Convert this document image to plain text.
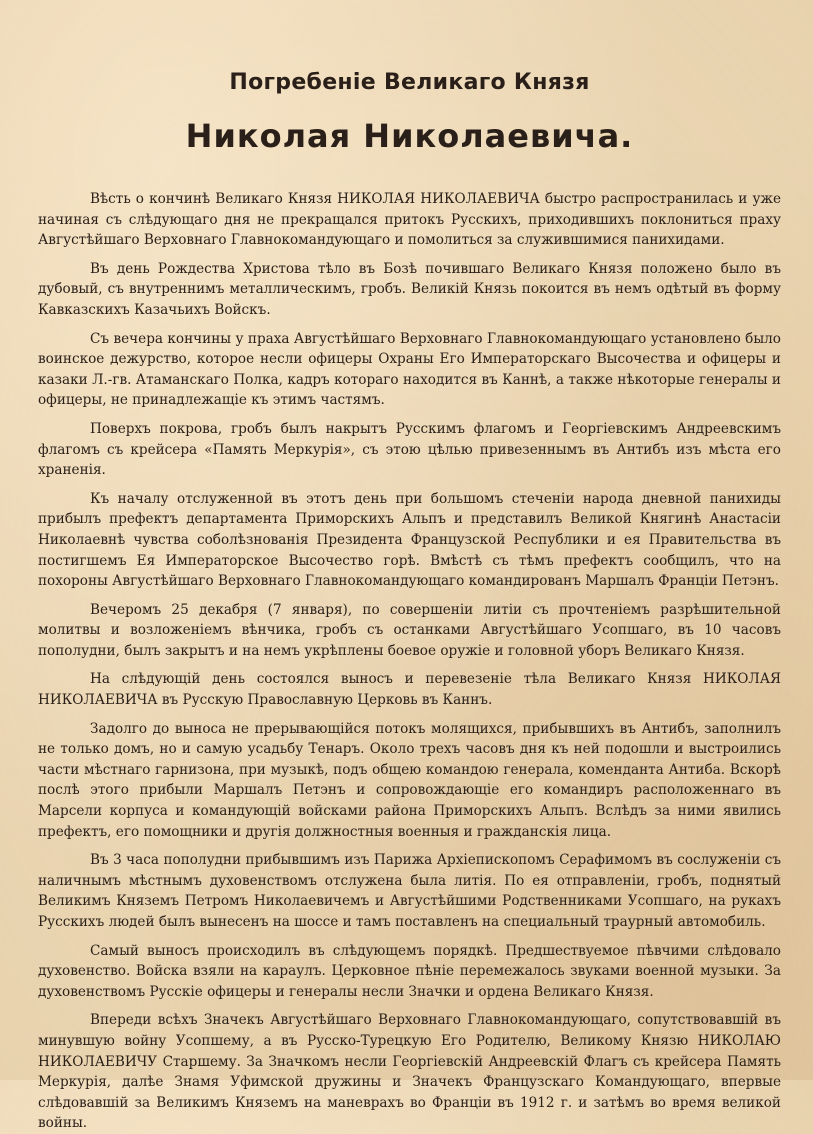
Погребенiе Великаго Князя
Николая Николаевича.

Вѣсть о кончинѣ Великаго Князя НИКОЛАЯ НИКОЛАЕВИЧА быстро распространилась и уже начиная съ слѣдующаго дня не прекращался притокъ Русскихъ, приходившихъ поклониться праху Августѣйшаго Верховнаго Главнокомандующаго и помолиться за служившимися панихидами.

Въ день Рождества Христова тѣло въ Бозѣ почившаго Великаго Князя положено было въ дубовый, съ внутреннимъ металлическимъ, гробъ. Великiй Князь покоится въ немъ одѣтый въ форму Кавказскихъ Казачьихъ Войскъ.

Съ вечера кончины у праха Августѣйшаго Верховнаго Главнокомандующаго установлено было воинское дежурство, которое несли офицеры Охраны Его Императорскаго Высочества и офицеры и казаки Л.-гв. Атаманскаго Полка, кадръ котораго находится въ Каннѣ, а также нѣкоторые генералы и офицеры, не принадлежащiе къ этимъ частямъ.

Поверхъ покрова, гробъ былъ накрытъ Русскимъ флагомъ и Георгiевскимъ Андреевскимъ флагомъ съ крейсера «Память Меркурiя», съ этою цѣлью привезеннымъ въ Антибъ изъ мѣста его храненiя.

Къ началу отслуженной въ этотъ день при большомъ стеченiи народа дневной панихиды прибылъ префектъ департамента Приморскихъ Альпъ и представилъ Великой Княгинѣ Анастасiи Николаевнѣ чувства соболѣзнованiя Президента Французской Республики и ея Правительства въ постигшемъ Ея Императорское Высочество горѣ. Вмѣстѣ съ тѣмъ префектъ сообщилъ, что на похороны Августѣйшаго Верховнаго Главнокомандующаго командированъ Маршалъ Францiи Петэнъ.

Вечеромъ 25 декабря (7 января), по совершенiи литiи съ прочтенiемъ разрѣшительной молитвы и возложенiемъ вѣнчика, гробъ съ останками Августѣйшаго Усопшаго, въ 10 часовъ пополудни, былъ закрытъ и на немъ укрѣплены боевое оружiе и головной уборъ Великаго Князя.

На слѣдующiй день состоялся выносъ и перевезенiе тѣла Великаго Князя НИКОЛАЯ НИКОЛАЕВИЧА въ Русскую Православную Церковь въ Каннъ.

Задолго до выноса не прерывающiйся потокъ молящихся, прибывшихъ въ Антибъ, заполнилъ не только домъ, но и самую усадьбу Тенаръ. Около трехъ часовъ дня къ ней подошли и выстроились части мѣстнаго гарнизона, при музыкѣ, подъ общею командою генерала, коменданта Антиба. Вскорѣ послѣ этого прибыли Маршалъ Петэнъ и сопровождающiе его командиръ расположеннаго въ Марсели корпуса и командующiй войсками района Приморскихъ Альпъ. Вслѣдъ за ними явились префектъ, его помощники и другiя должностныя военныя и гражданскiя лица.

Въ 3 часа пополудни прибывшимъ изъ Парижа Архiепископомъ Серафимомъ въ сослуженiи съ наличнымъ мѣстнымъ духовенствомъ отслужена была литiя. По ея отправленiи, гробъ, поднятый Великимъ Княземъ Петромъ Николаевичемъ и Августѣйшими Родственниками Усопшаго, на рукахъ Русскихъ людей былъ вынесенъ на шоссе и тамъ поставленъ на специальный траурный автомобиль.

Самый выносъ происходилъ въ слѣдующемъ порядкѣ. Предшествуемое пѣвчими слѣдовало духовенство. Войска взяли на караулъ. Церковное пѣнiе перемежалось звуками военной музыки. За духовенствомъ Русскiе офицеры и генералы несли Значки и ордена Великаго Князя.

Впереди всѣхъ Значекъ Августѣйшаго Верховнаго Главнокомандующаго, сопутствовавшiй въ минувшую войну Усопшему, а въ Русско-Турецкую Его Родителю, Великому Князю НИКОЛАЮ НИКОЛАЕВИЧУ Старшему. За Значкомъ несли Георгiевскiй Андреевскiй Флагъ съ крейсера Память Меркурiя, далѣе Знамя Уфимской дружины и Значекъ Французскаго Командующаго, впервые слѣдовавшiй за Великимъ Княземъ на маневрахъ во Францiи въ 1912 г. и затѣмъ во время великой войны.
